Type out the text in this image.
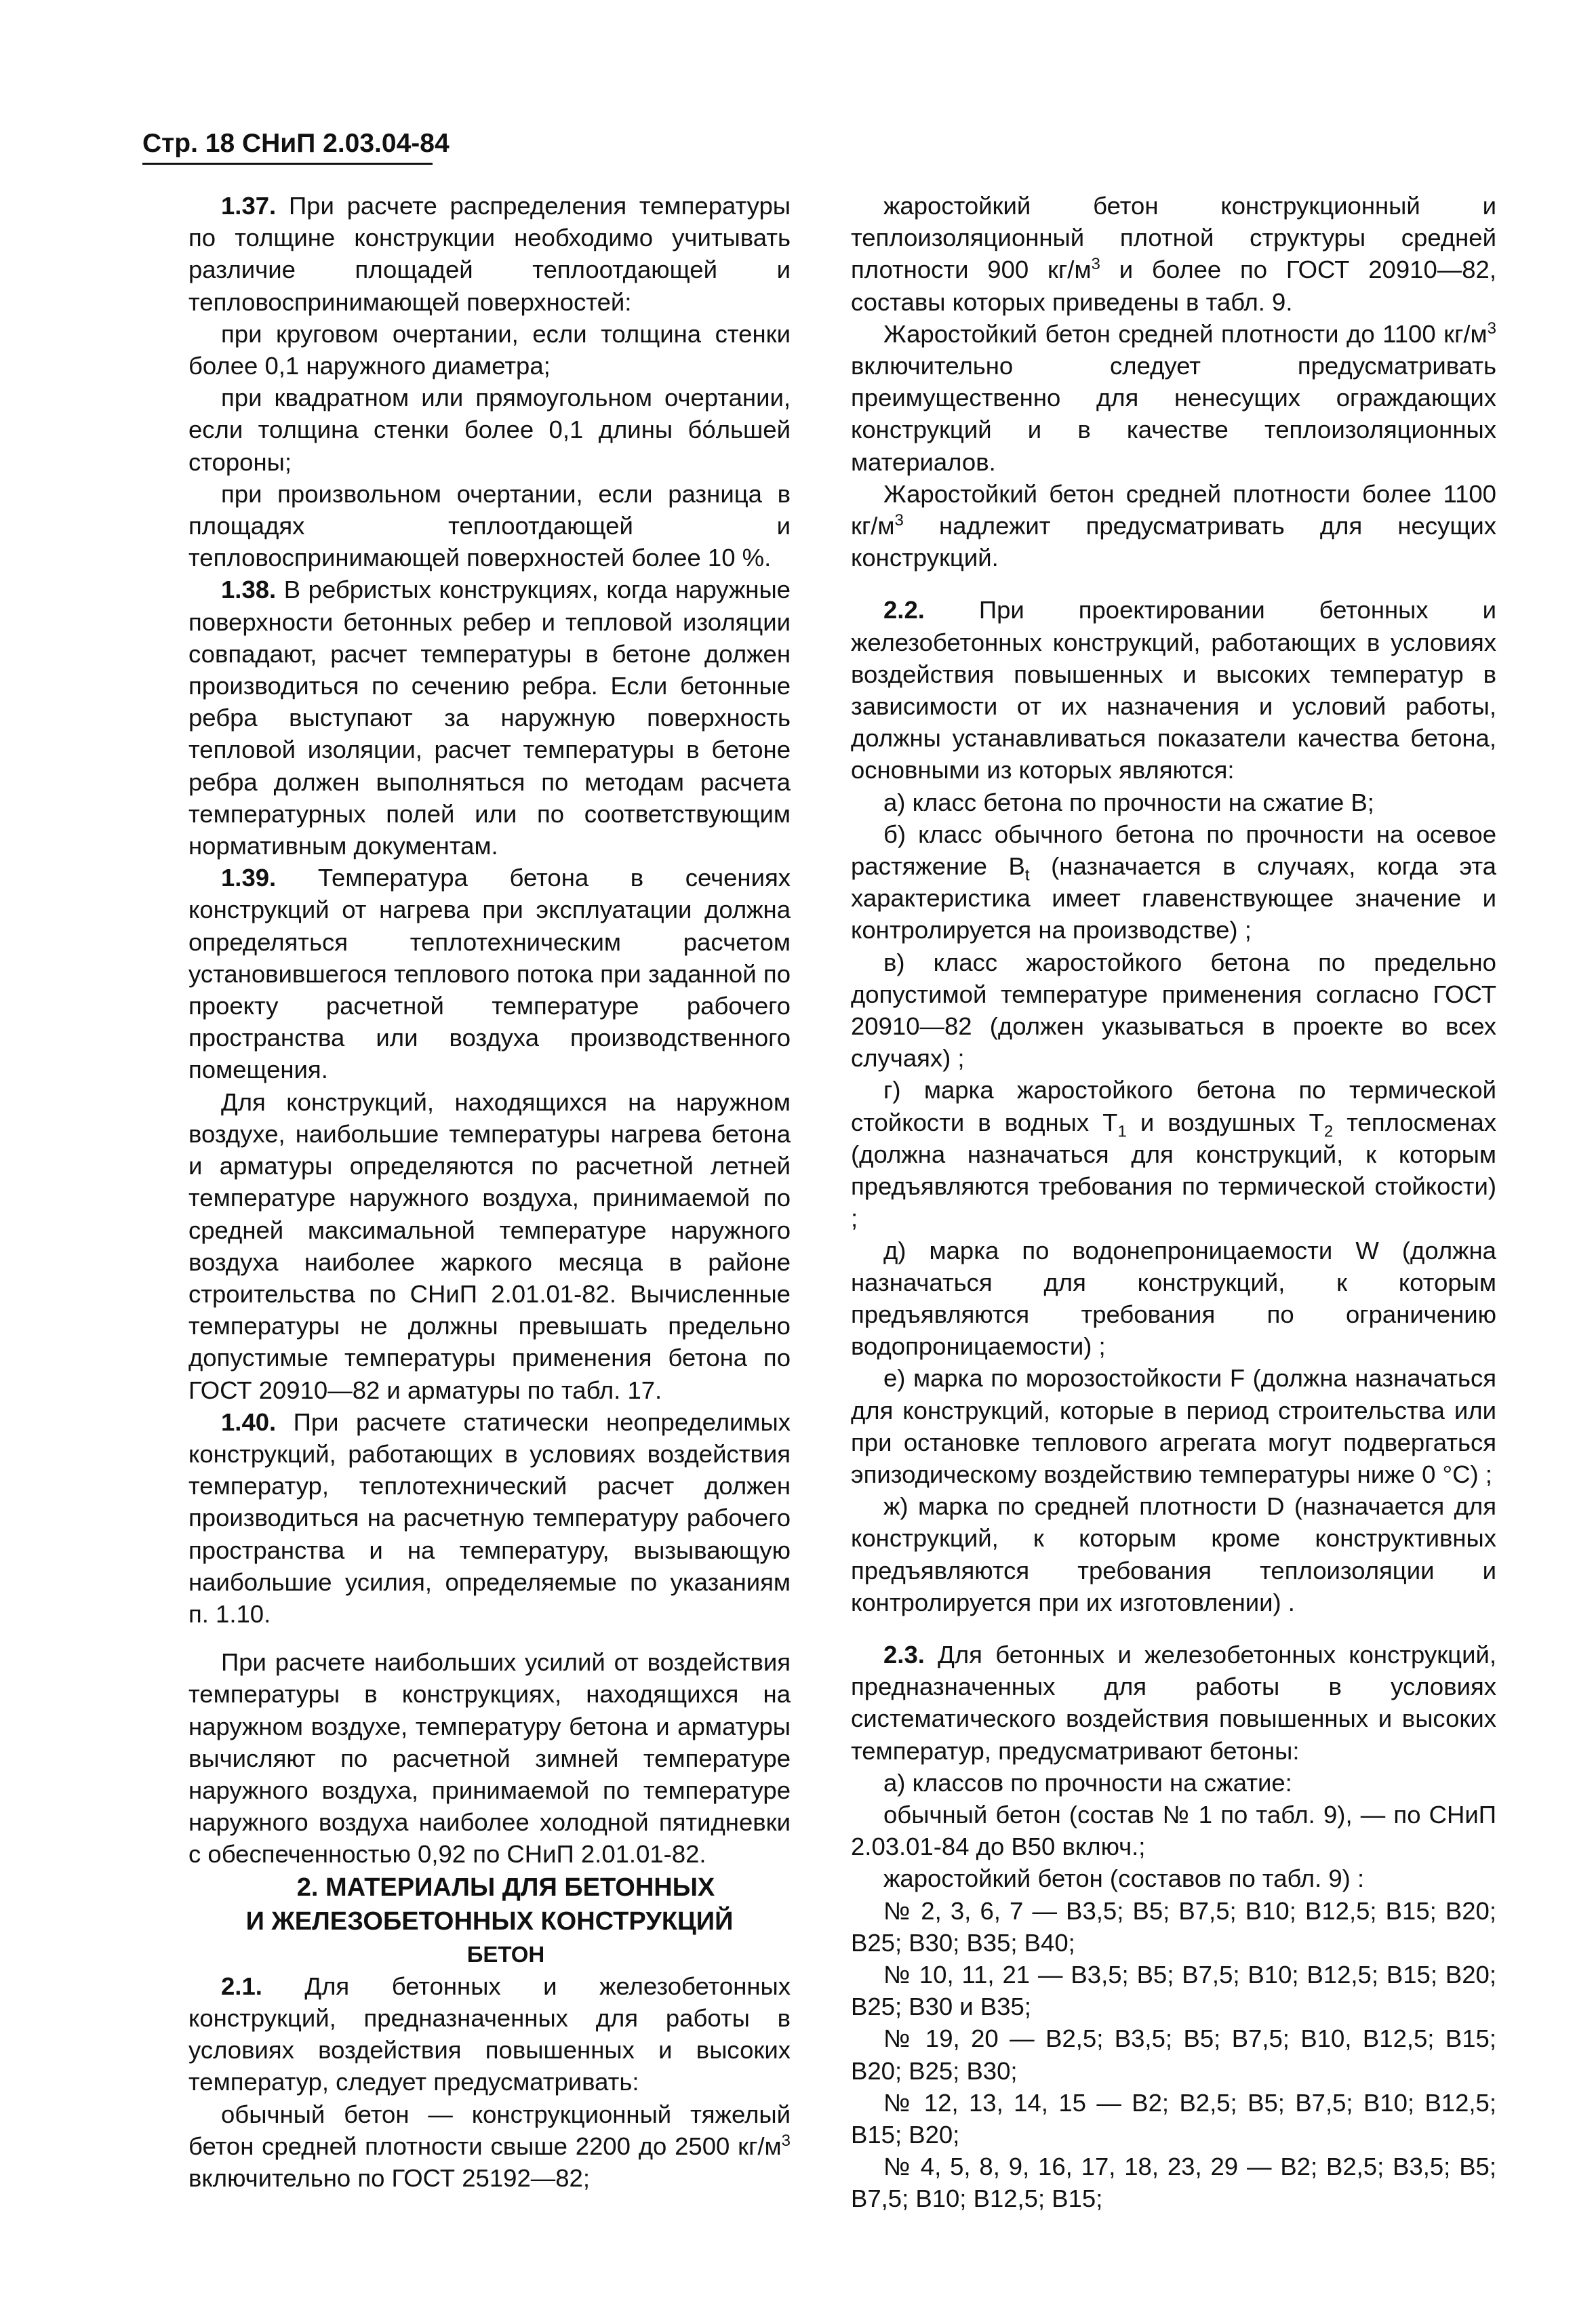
Стр. 18 СНиП 2.03.04-84

1.37. При расчете распределения температуры по толщине конструкции необходимо учитывать различие площадей теплоотдающей и тепловоспринимающей поверхностей:

при круговом очертании, если толщина стенки более 0,1 наружного диаметра;

при квадратном или прямоугольном очертании, если толщина стенки более 0,1 длины бо́льшей стороны;

при произвольном очертании, если разница в площадях теплоотдающей и тепловоспринимающей поверхностей более 10 %.

1.38. В ребристых конструкциях, когда наружные поверхности бетонных ребер и тепловой изоляции совпадают, расчет температуры в бетоне должен производиться по сечению ребра. Если бетонные ребра выступают за наружную поверхность тепловой изоляции, расчет температуры в бетоне ребра должен выполняться по методам расчета температурных полей или по соответствующим нормативным документам.

1.39. Температура бетона в сечениях конструкций от нагрева при эксплуатации должна определяться теплотехническим расчетом установившегося теплового потока при заданной по проекту расчетной температуре рабочего пространства или воздуха производственного помещения.

Для конструкций, находящихся на наружном воздухе, наибольшие температуры нагрева бетона и арматуры определяются по расчетной летней температуре наружного воздуха, принимаемой по средней максимальной температуре наружного воздуха наиболее жаркого месяца в районе строительства по СНиП 2.01.01-82. Вычисленные температуры не должны превышать предельно допустимые температуры применения бетона по ГОСТ 20910—82 и арматуры по табл. 17.

1.40. При расчете статически неопределимых конструкций, работающих в условиях воздействия температур, теплотехнический расчет должен производиться на расчетную температуру рабочего пространства и на температуру, вызывающую наибольшие усилия, определяемые по указаниям п. 1.10.

При расчете наибольших усилий от воздействия температуры в конструкциях, находящихся на наружном воздухе, температуру бетона и арматуры вычисляют по расчетной зимней температуре наружного воздуха, принимаемой по температуре наружного воздуха наиболее холодной пятидневки с обеспеченностью 0,92 по СНиП 2.01.01-82.

2. МАТЕРИАЛЫ ДЛЯ БЕТОННЫХ
И ЖЕЛЕЗОБЕТОННЫХ КОНСТРУКЦИЙ

БЕТОН

2.1. Для бетонных и железобетонных конструкций, предназначенных для работы в условиях воздействия повышенных и высоких температур, следует предусматривать:

обычный бетон — конструкционный тяжелый бетон средней плотности свыше 2200 до 2500 $кг/м^3$ включительно по ГОСТ 25192—82;

жаростойкий бетон конструкционный и теплоизоляционный плотной структуры средней плотности 900 $кг/м^3$ и более по ГОСТ 20910—82, составы которых приведены в табл. 9.

Жаростойкий бетон средней плотности до 1100 $кг/м^3$ включительно следует предусматривать преимущественно для ненесущих ограждающих конструкций и в качестве теплоизоляционных материалов.

Жаростойкий бетон средней плотности более 1100 $кг/м^3$ надлежит предусматривать для несущих конструкций.

2.2. При проектировании бетонных и железобетонных конструкций, работающих в условиях воздействия повышенных и высоких температур в зависимости от их назначения и условий работы, должны устанавливаться показатели качества бетона, основными из которых являются:

а) класс бетона по прочности на сжатие В;

б) класс обычного бетона по прочности на осевое растяжение $B_t$ (назначается в случаях, когда эта характеристика имеет главенствующее значение и контролируется на производстве) ;

в) класс жаростойкого бетона по предельно допустимой температуре применения согласно ГОСТ 20910—82 (должен указываться в проекте во всех случаях) ;

г) марка жаростойкого бетона по термической стойкости в водных $T_1$ и воздушных $T_2$ теплосменах (должна назначаться для конструкций, к которым предъявляются требования по термической стойкости) ;

д) марка по водонепроницаемости W (должна назначаться для конструкций, к которым предъявляются требования по ограничению водопроницаемости) ;

е) марка по морозостойкости F (должна назначаться для конструкций, которые в период строительства или при остановке теплового агрегата могут подвергаться эпизодическому воздействию температуры ниже 0 °С) ;

ж) марка по средней плотности D (назначается для конструкций, к которым кроме конструктивных предъявляются требования теплоизоляции и контролируется при их изготовлении) .

2.3. Для бетонных и железобетонных конструкций, предназначенных для работы в условиях систематического воздействия повышенных и высоких температур, предусматривают бетоны:

а) классов по прочности на сжатие:

обычный бетон (состав № 1 по табл. 9), — по СНиП 2.03.01-84 до В50 включ.;

жаростойкий бетон (составов по табл. 9) :

№ 2, 3, 6, 7 — В3,5; В5; В7,5; В10; В12,5; В15; В20; В25; В30; В35; В40;

№ 10, 11, 21 — В3,5; В5; В7,5; В10; В12,5; В15; В20; В25; В30 и В35;

№ 19, 20 — В2,5; В3,5; В5; В7,5; В10, В12,5; В15; В20; В25; В30;

№ 12, 13, 14, 15 — В2; В2,5; В5; В7,5; В10; В12,5; В15; В20;

№ 4, 5, 8, 9, 16, 17, 18, 23, 29 — В2; В2,5; В3,5; В5; В7,5; В10; В12,5; В15;
